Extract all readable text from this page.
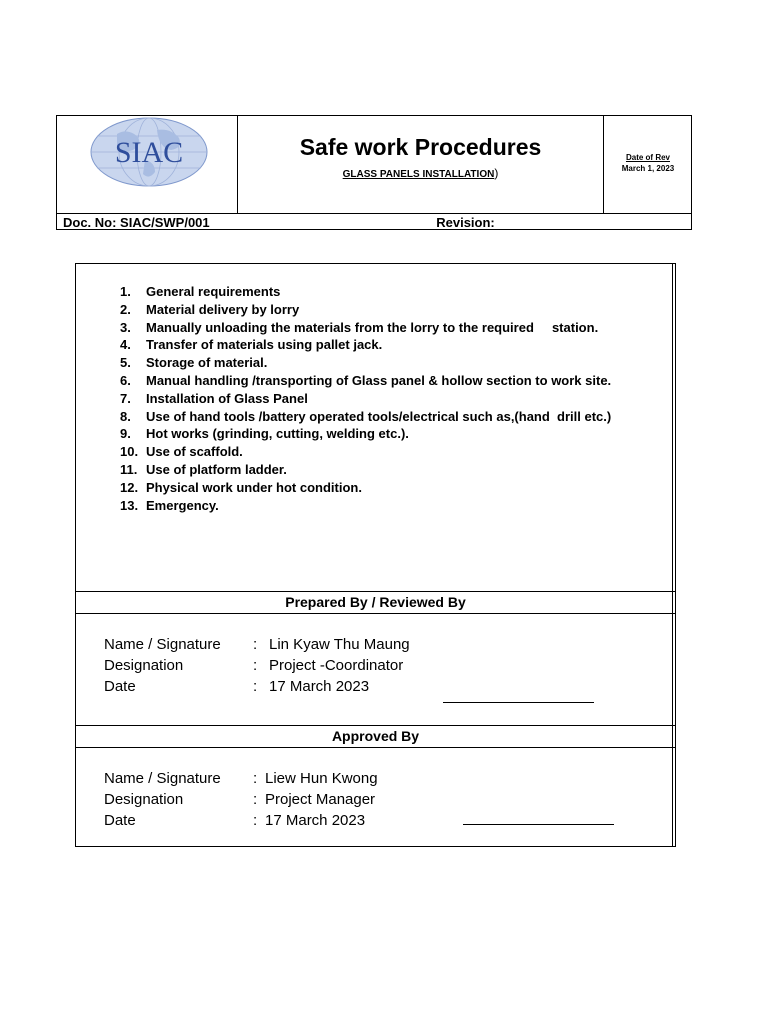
SIAC	Safe work Procedures
GLASS PANELS INSTALLATION)
Date of Rev
March 1, 2023
Doc. No: SIAC/SWP/001	Revision:
1. General requirements
2. Material delivery by lorry
3. Manually unloading the materials from the lorry to the required     station.
4. Transfer of materials using pallet jack.
5. Storage of material.
6. Manual handling /transporting of Glass panel & hollow section to work site.
7. Installation of Glass Panel
8. Use of hand tools /battery operated tools/electrical such as,(hand  drill etc.)
9. Hot works (grinding, cutting, welding etc.).
10. Use of scaffold.
11. Use of platform ladder.
12. Physical work under hot condition.
13. Emergency.
Prepared By / Reviewed By
Name / Signature
Designation
Date
:
:
:
Lin Kyaw Thu Maung
Project -Coordinator
17 March 2023
Approved By
Name / Signature
Designation
Date
:
:
:
Liew Hun Kwong
Project Manager
17 March 2023
